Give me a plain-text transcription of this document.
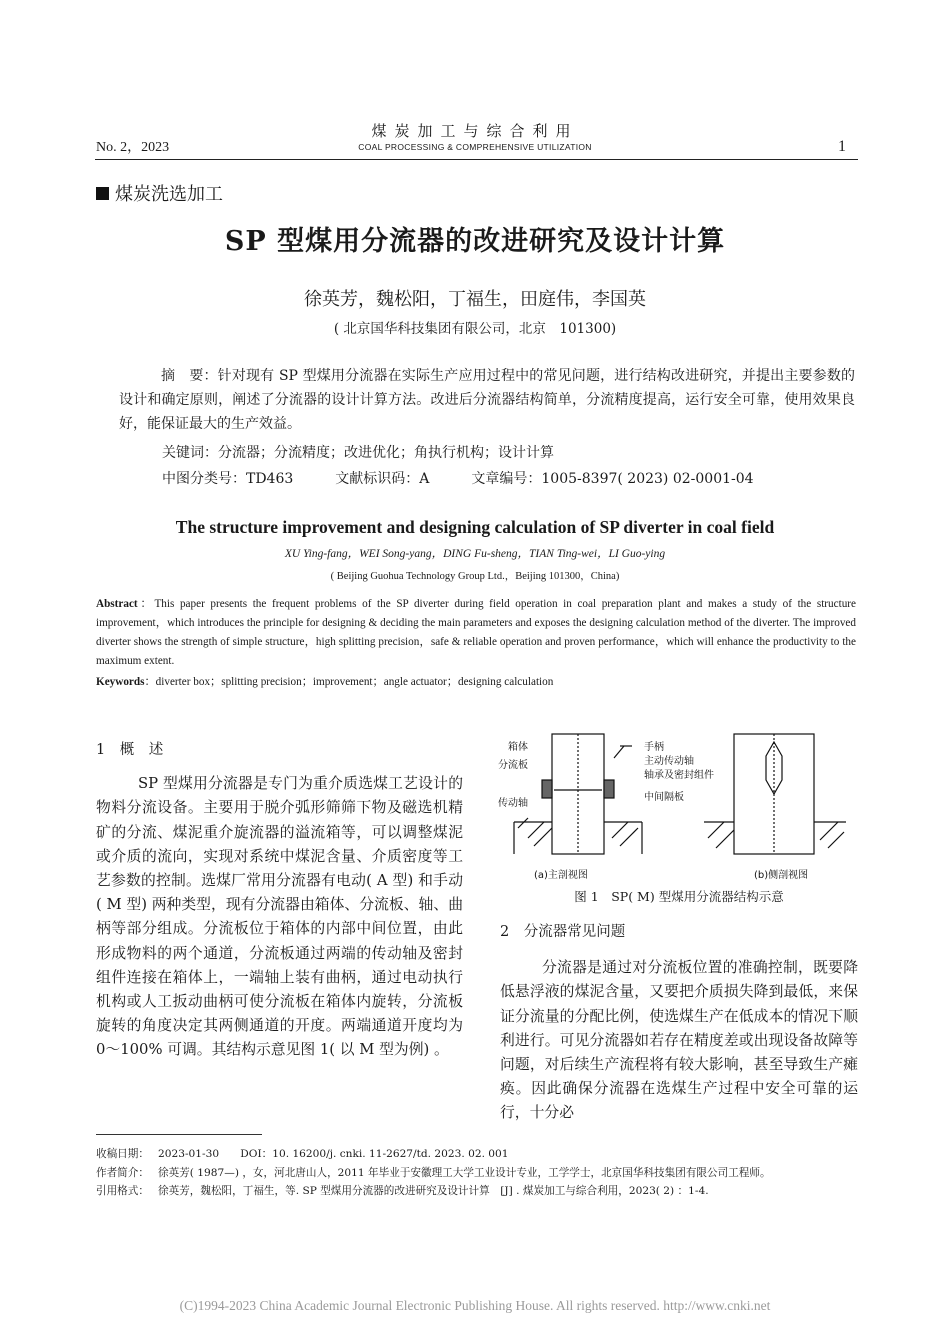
No. 2，2023
煤炭加工与综合利用
COAL PROCESSING & COMPREHENSIVE UTILIZATION	1
煤炭洗选加工
SP 型煤用分流器的改进研究及设计计算
徐英芳，魏松阳，丁福生，田庭伟，李国英
( 北京国华科技集团有限公司，北京　101300)
摘　要：针对现有 SP 型煤用分流器在实际生产应用过程中的常见问题，进行结构改进研究，并提出主要参数的设计和确定原则，阐述了分流器的设计计算方法。改进后分流器结构简单，分流精度提高，运行安全可靠，使用效果良好，能保证最大的生产效益。
关键词：分流器；分流精度；改进优化；角执行机构；设计计算
中图分类号：TD463　　　文献标识码：A　　　文章编号：1005-8397( 2023) 02-0001-04
The structure improvement and designing calculation of SP diverter in coal field
XU Ying-fang，WEI Song-yang，DING Fu-sheng，TIAN Ting-wei，LI Guo-ying
( Beijing Guohua Technology Group Ltd.，Beijing 101300，China)
Abstract：This paper presents the frequent problems of the SP diverter during field operation in coal preparation plant and makes a study of the structure improvement，which introduces the principle for designing & deciding the main parameters and exposes the designing calculation method of the diverter. The improved diverter shows the strength of simple structure，high splitting precision，safe & reliable operation and proven performance，which will enhance the productivity to the maximum extent.
Keywords：diverter box；splitting precision；improvement；angle actuator；designing calculation
1　概　述
SP 型煤用分流器是专门为重介质选煤工艺设计的物料分流设备。主要用于脱介弧形筛筛下物及磁选机精矿的分流、煤泥重介旋流器的溢流箱等，可以调整煤泥或介质的流向，实现对系统中煤泥含量、介质密度等工艺参数的控制。选煤厂常用分流器有电动( A 型) 和手动( M 型) 两种类型，现有分流器由箱体、分流板、轴、曲柄等部分组成。分流板位于箱体的内部中间位置，由此形成物料的两个通道，分流板通过两端的传动轴及密封组件连接在箱体上，一端轴上装有曲柄，通过电动执行机构或人工扳动曲柄可使分流板在箱体内旋转，分流板旋转的角度决定其两侧通道的开度。两端通道开度均为 0～100% 可调。其结构示意见图 1( 以 M 型为例) 。
箱体
分流板
传动轴
手柄
主动传动轴
轴承及密封组件
中间隔板
(a)主剖视图	(b)侧剖视图
图 1　SP( M) 型煤用分流器结构示意
2　分流器常见问题
分流器是通过对分流板位置的准确控制，既要降低悬浮液的煤泥含量，又要把介质损失降到最低，来保证分流量的分配比例，使选煤生产在低成本的情况下顺利进行。可见分流器如若存在精度差或出现设备故障等问题，对后续生产流程将有较大影响，甚至导致生产瘫痪。因此确保分流器在选煤生产过程中安全可靠的运行，十分必
收稿日期： 2023-01-30　　DOI：10. 16200/j. cnki. 11-2627/td. 2023. 02. 001
作者简介： 徐英芳( 1987—) ，女，河北唐山人，2011 年毕业于安徽理工大学工业设计专业，工学学士，北京国华科技集团有限公司工程师。
引用格式： 徐英芳，魏松阳，丁福生，等. SP 型煤用分流器的改进研究及设计计算　[J] . 煤炭加工与综合利用，2023( 2) ：1-4.
(C)1994-2023 China Academic Journal Electronic Publishing House. All rights reserved. http://www.cnki.net
